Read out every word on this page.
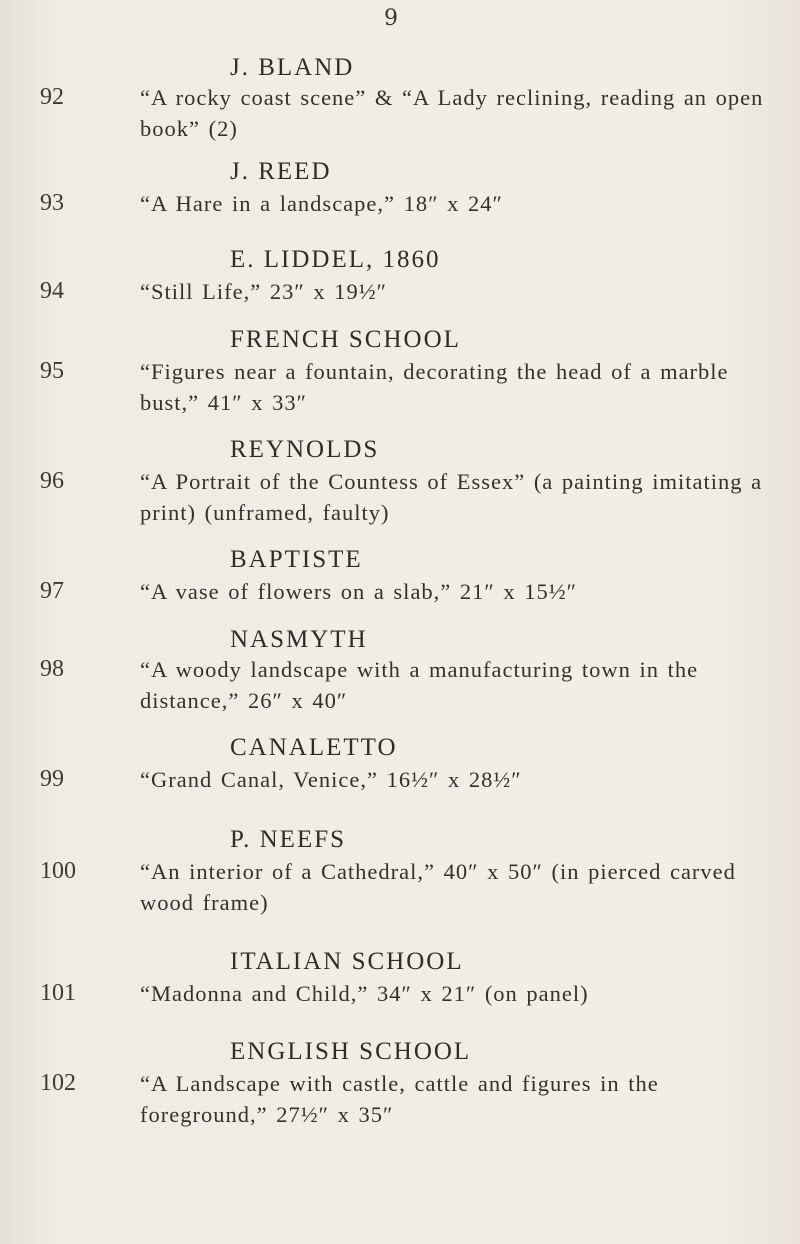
9
92
J. BLAND
“A rocky coast scene” & “A Lady reclining, reading an open book” (2)
93
J. REED
“A Hare in a landscape,” 18″ x 24″
94
E. LIDDEL, 1860
“Still Life,” 23″ x 19½″
95
FRENCH SCHOOL
“Figures near a fountain, decorating the head of a marble bust,” 41″ x 33″
96
REYNOLDS
“A Portrait of the Countess of Essex” (a painting imitating a print) (unframed, faulty)
97
BAPTISTE
“A vase of flowers on a slab,” 21″ x 15½″
98
NASMYTH
“A woody landscape with a manufacturing town in the distance,” 26″ x 40″
99
CANALETTO
“Grand Canal, Venice,” 16½″ x 28½″
100
P. NEEFS
“An interior of a Cathedral,” 40″ x 50″ (in pierced carved wood frame)
101
ITALIAN SCHOOL
“Madonna and Child,” 34″ x 21″ (on panel)
102
ENGLISH SCHOOL
“A Landscape with castle, cattle and figures in the foreground,” 27½″ x 35″
